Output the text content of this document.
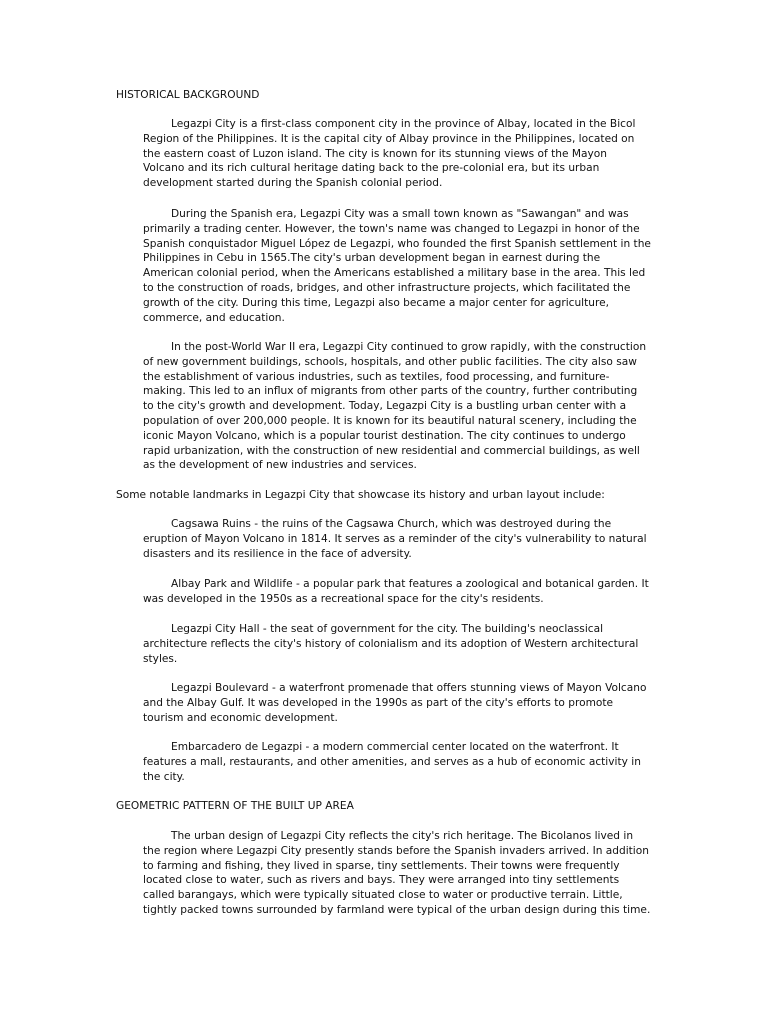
HISTORICAL BACKGROUND

Legazpi City is a first-class component city in the province of Albay, located in the Bicol Region of the Philippines. It is the capital city of Albay province in the Philippines, located on the eastern coast of Luzon island. The city is known for its stunning views of the Mayon Volcano and its rich cultural heritage dating back to the pre-colonial era, but its urban development started during the Spanish colonial period.

During the Spanish era, Legazpi City was a small town known as "Sawangan" and was primarily a trading center. However, the town's name was changed to Legazpi in honor of the Spanish conquistador Miguel López de Legazpi, who founded the first Spanish settlement in the Philippines in Cebu in 1565.The city's urban development began in earnest during the American colonial period, when the Americans established a military base in the area. This led to the construction of roads, bridges, and other infrastructure projects, which facilitated the growth of the city. During this time, Legazpi also became a major center for agriculture, commerce, and education.

In the post-World War II era, Legazpi City continued to grow rapidly, with the construction of new government buildings, schools, hospitals, and other public facilities. The city also saw the establishment of various industries, such as textiles, food processing, and furniture-making. This led to an influx of migrants from other parts of the country, further contributing to the city's growth and development. Today, Legazpi City is a bustling urban center with a population of over 200,000 people. It is known for its beautiful natural scenery, including the iconic Mayon Volcano, which is a popular tourist destination. The city continues to undergo rapid urbanization, with the construction of new residential and commercial buildings, as well as the development of new industries and services.

Some notable landmarks in Legazpi City that showcase its history and urban layout include:

Cagsawa Ruins - the ruins of the Cagsawa Church, which was destroyed during the eruption of Mayon Volcano in 1814. It serves as a reminder of the city's vulnerability to natural disasters and its resilience in the face of adversity.

Albay Park and Wildlife - a popular park that features a zoological and botanical garden. It was developed in the 1950s as a recreational space for the city's residents.

Legazpi City Hall - the seat of government for the city. The building's neoclassical architecture reflects the city's history of colonialism and its adoption of Western architectural styles.

Legazpi Boulevard - a waterfront promenade that offers stunning views of Mayon Volcano and the Albay Gulf. It was developed in the 1990s as part of the city's efforts to promote tourism and economic development.

Embarcadero de Legazpi - a modern commercial center located on the waterfront. It features a mall, restaurants, and other amenities, and serves as a hub of economic activity in the city.

GEOMETRIC PATTERN OF THE BUILT UP AREA

The urban design of Legazpi City reflects the city's rich heritage. The Bicolanos lived in the region where Legazpi City presently stands before the Spanish invaders arrived. In addition to farming and fishing, they lived in sparse, tiny settlements. Their towns were frequently located close to water, such as rivers and bays. They were arranged into tiny settlements called barangays, which were typically situated close to water or productive terrain. Little, tightly packed towns surrounded by farmland were typical of the urban design during this time.
